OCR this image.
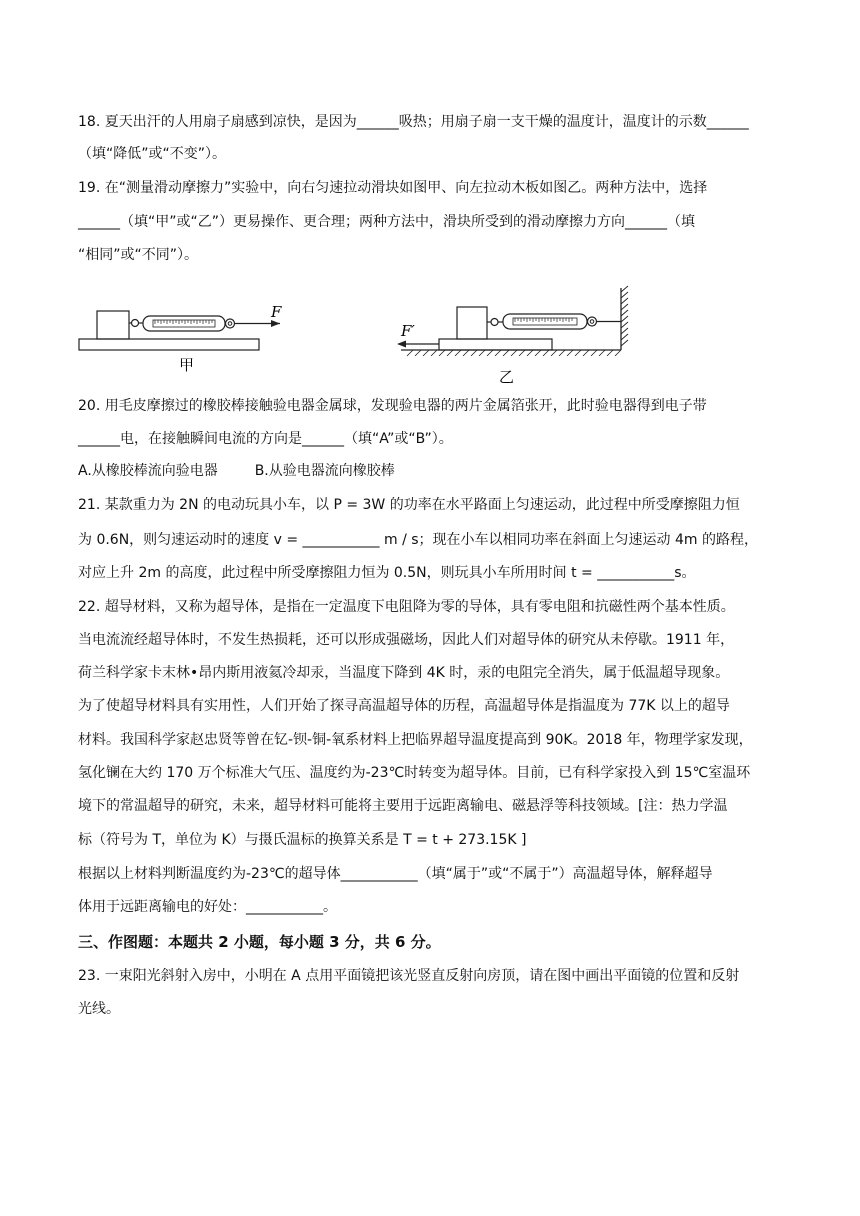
18. 夏天出汗的人用扇子扇感到凉快，是因为______吸热；用扇子扇一支干燥的温度计，温度计的示数______
（填“降低”或“不变”）。
19. 在“测量滑动摩擦力”实验中，向右匀速拉动滑块如图甲、向左拉动木板如图乙。两种方法中，选择
______（填“甲”或“乙”）更易操作、更合理；两种方法中，滑块所受到的滑动摩擦力方向______（填
“相同”或“不同”）。
F
甲
F′
乙
20. 用毛皮摩擦过的橡胶棒接触验电器金属球，发现验电器的两片金属箔张开，此时验电器得到电子带
______电，在接触瞬间电流的方向是______（填“A”或“B”）。
A.从橡胶棒流向验电器	B.从验电器流向橡胶棒
21. 某款重力为 2N 的电动玩具小车，以 P = 3W 的功率在水平路面上匀速运动，此过程中所受摩擦阻力恒
为 0.6N，则匀速运动时的速度 v = ___________ m / s；现在小车以相同功率在斜面上匀速运动 4m 的路程，
对应上升 2m 的高度，此过程中所受摩擦阻力恒为 0.5N，则玩具小车所用时间 t = ___________s。
22. 超导材料，又称为超导体，是指在一定温度下电阻降为零的导体，具有零电阻和抗磁性两个基本性质。
当电流流经超导体时，不发生热损耗，还可以形成强磁场，因此人们对超导体的研究从未停歇。1911 年，
荷兰科学家卡末林•昂内斯用液氦冷却汞，当温度下降到 4K 时，汞的电阻完全消失，属于低温超导现象。
为了使超导材料具有实用性，人们开始了探寻高温超导体的历程，高温超导体是指温度为 77K 以上的超导
材料。我国科学家赵忠贤等曾在钇-钡-铜-氧系材料上把临界超导温度提高到 90K。2018 年，物理学家发现，
氢化镧在大约 170 万个标准大气压、温度约为-23℃时转变为超导体。目前，已有科学家投入到 15℃室温环
境下的常温超导的研究，未来，超导材料可能将主要用于远距离输电、磁悬浮等科技领域。[注：热力学温
标（符号为 T，单位为 K）与摄氏温标的换算关系是 T = t + 273.15K ]
根据以上材料判断温度约为-23℃的超导体___________（填“属于”或“不属于”）高温超导体，解释超导
体用于远距离输电的好处：___________。
三、作图题：本题共 2 小题，每小题 3 分，共 6 分。
23. 一束阳光斜射入房中，小明在 A 点用平面镜把该光竖直反射向房顶，请在图中画出平面镜的位置和反射
光线。
